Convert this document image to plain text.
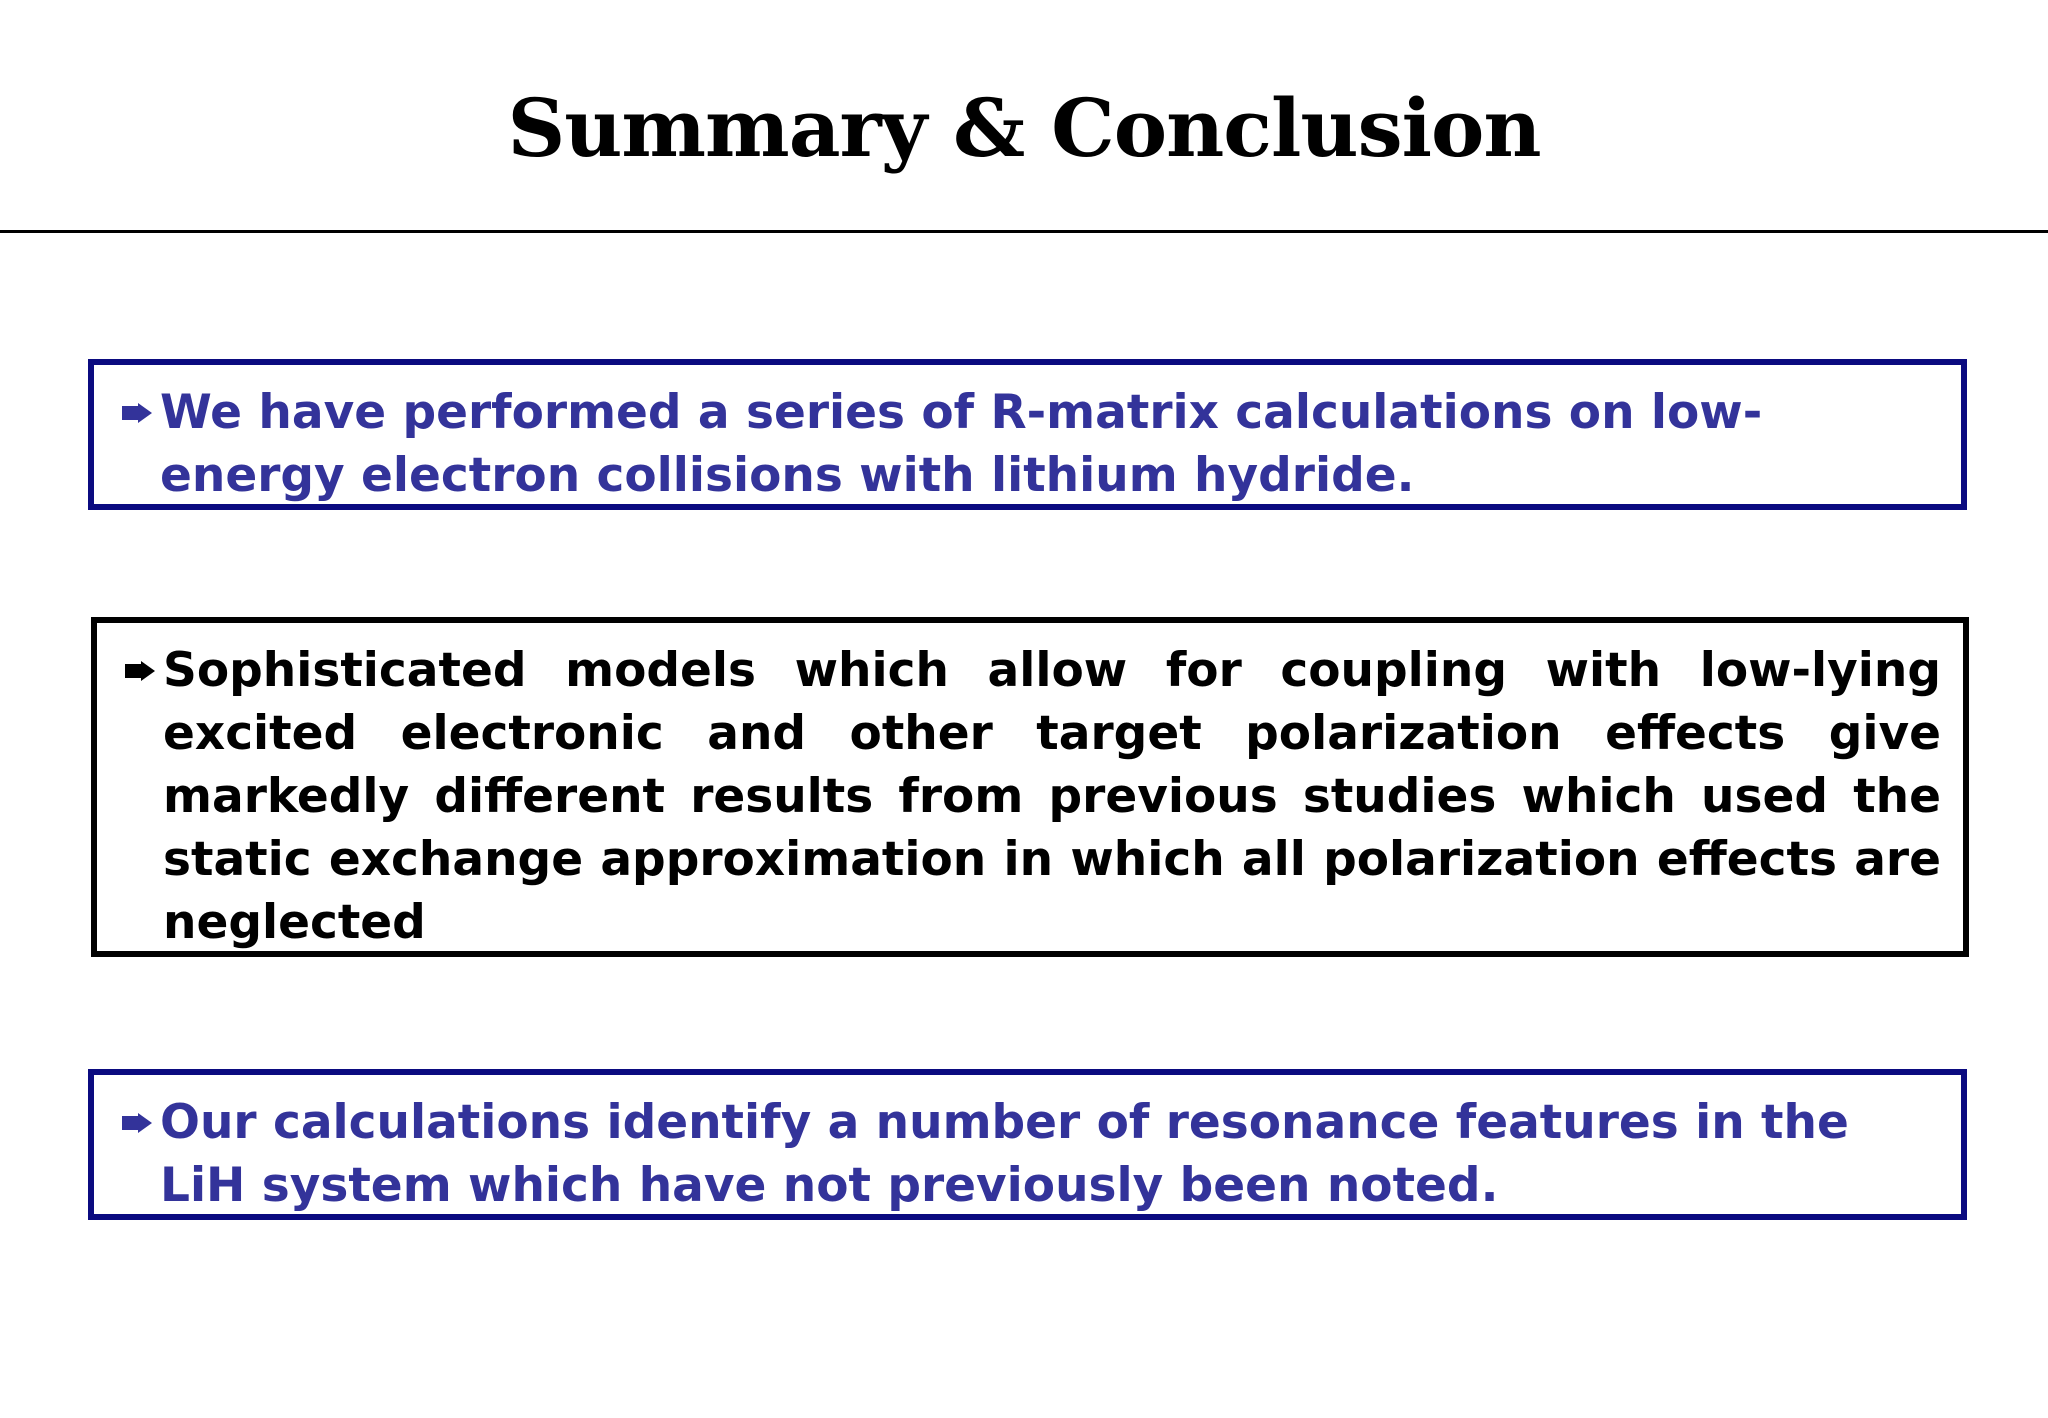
Summary & Conclusion

We have performed a series of R-matrix calculations on low-energy electron collisions with lithium hydride.

Sophisticated models which allow for coupling with low-lying excited electronic and other target polarization effects give markedly different results from previous studies which used the static exchange approximation in which all polarization effects are neglected

Our calculations identify a number of resonance features in the LiH system which have not previously been noted.
